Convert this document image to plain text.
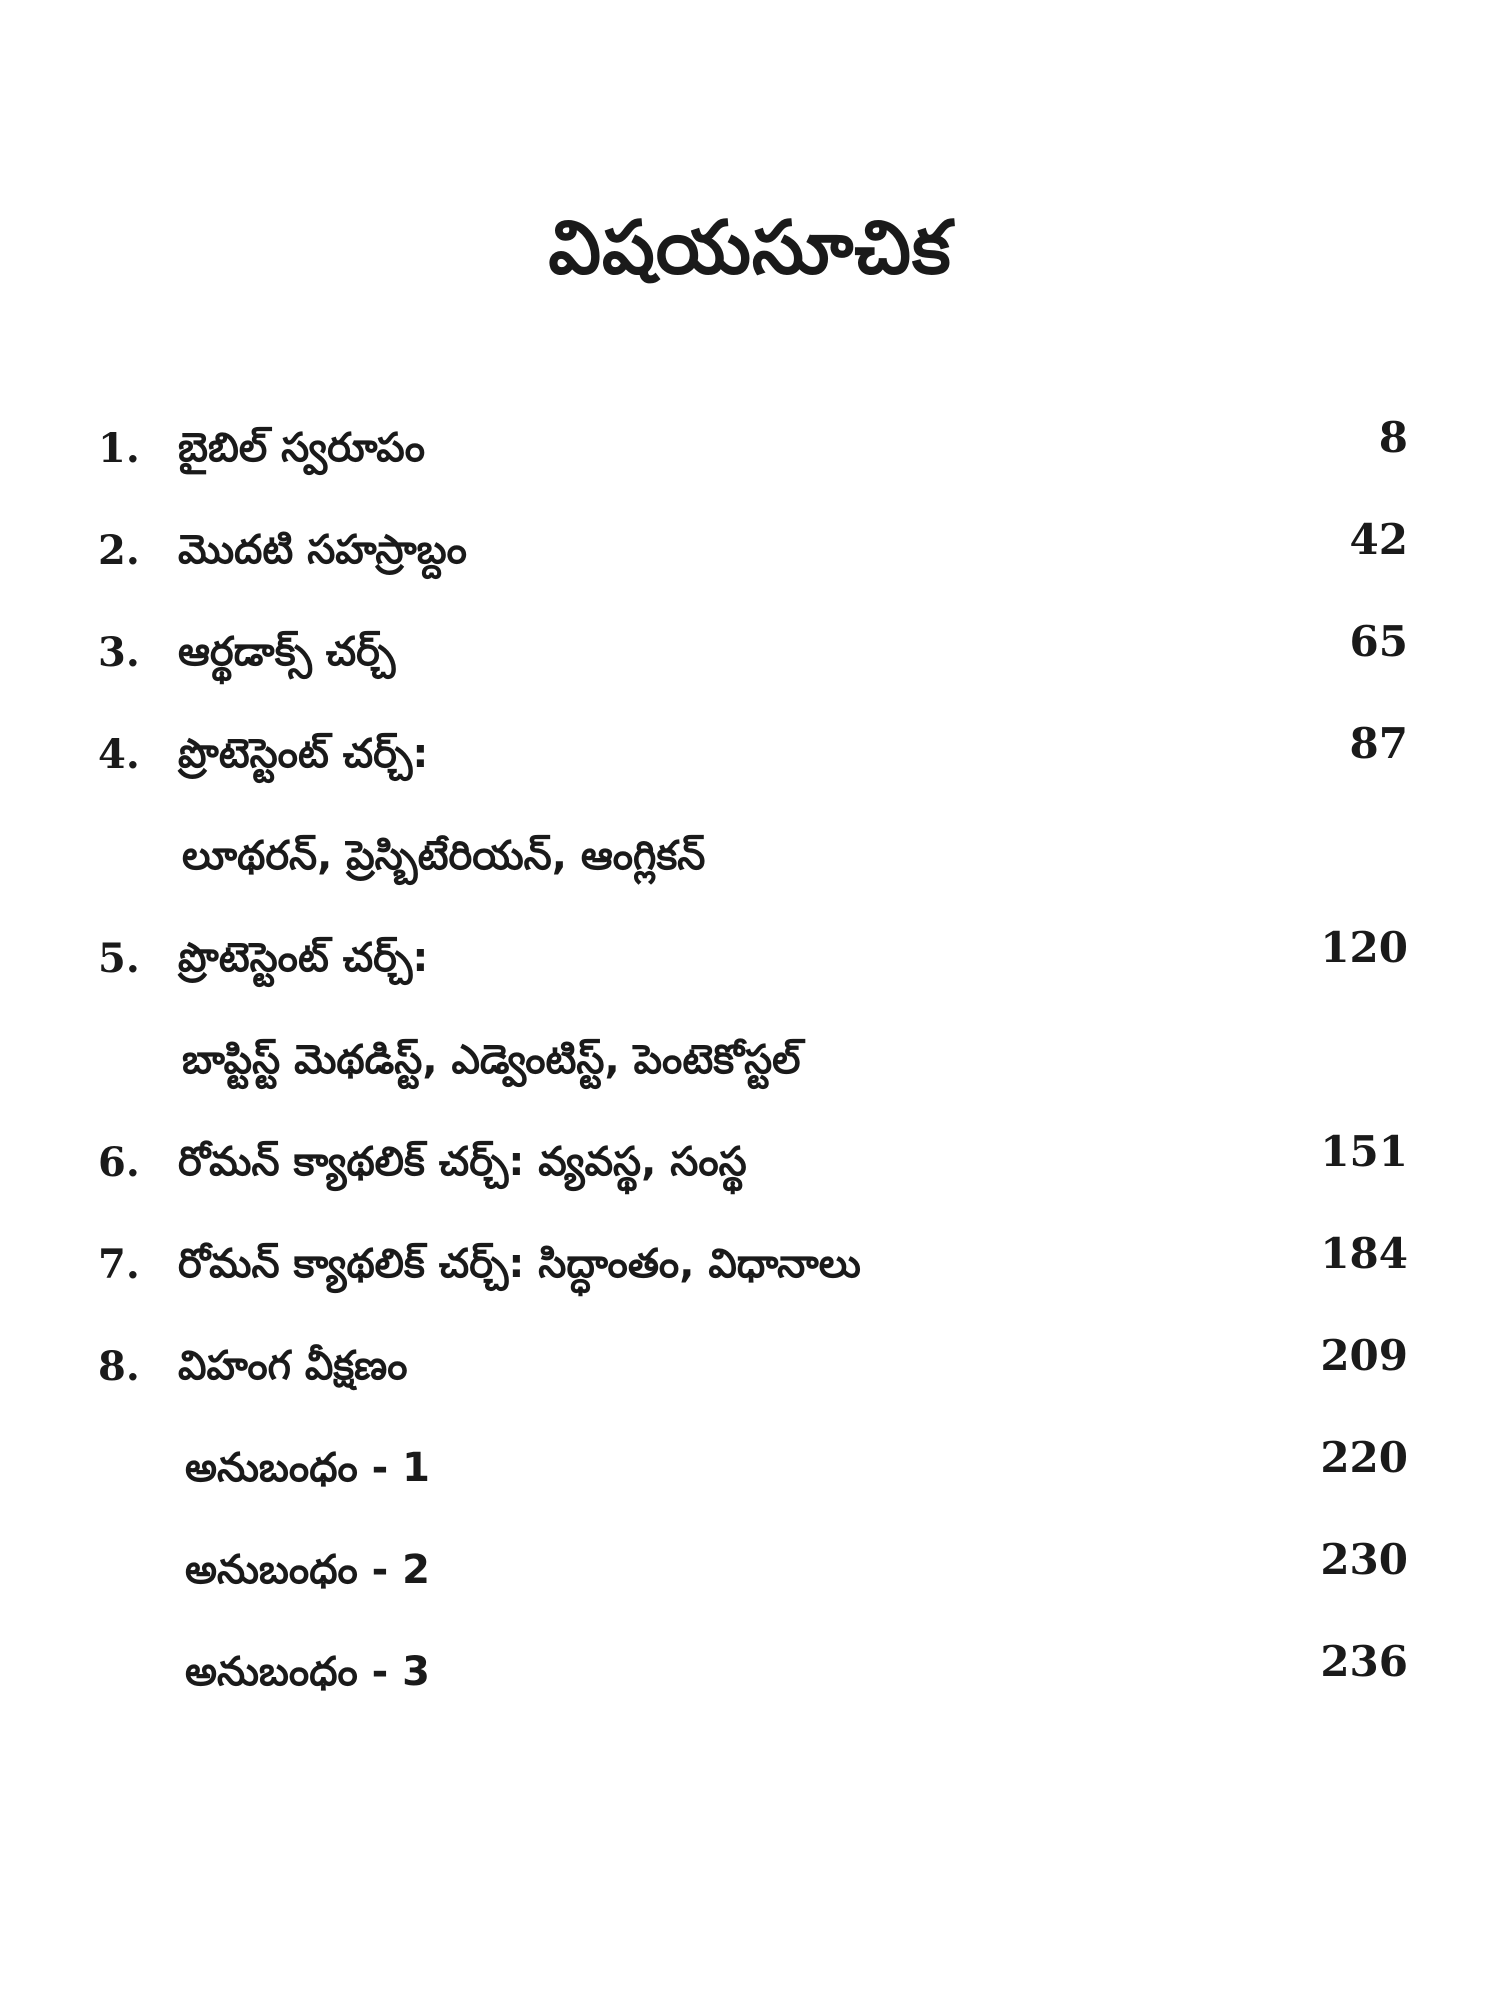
విషయసూచిక
1. బైబిల్ స్వరూపం	8
2. మొదటి సహస్రాబ్దం	42
3. ఆర్థడాక్స్ చర్చ్	65
4. ప్రొటెస్టెంట్ చర్చ్:	87
లూథరన్, ప్రెస్బిటేరియన్, ఆంగ్లికన్
5. ప్రొటెస్టెంట్ చర్చ్:	120
బాప్టిస్ట్ మెథడిస్ట్, ఎడ్వెంటిస్ట్, పెంటెకోస్టల్
6. రోమన్ క్యాథలిక్ చర్చ్: వ్యవస్థ, సంస్థ	151
7. రోమన్ క్యాథలిక్ చర్చ్: సిద్ధాంతం, విధానాలు	184
8. విహంగ వీక్షణం	209
అనుబంధం - 1	220
అనుబంధం - 2	230
అనుబంధం - 3	236
